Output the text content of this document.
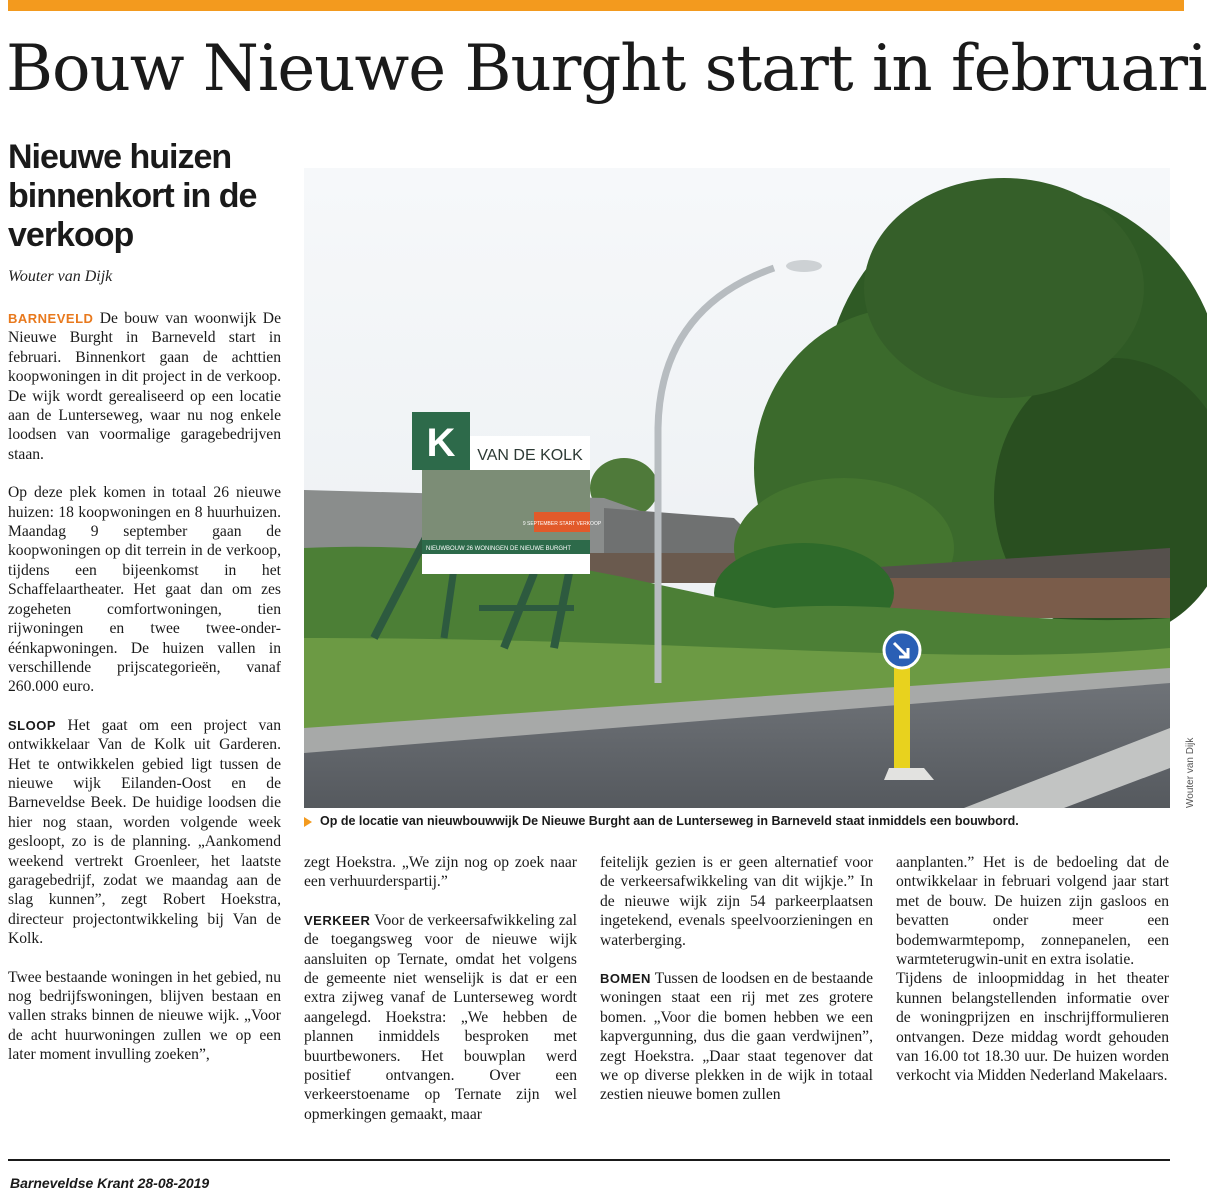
Bouw Nieuwe Burght start in februari
Nieuwe huizen binnenkort in de verkoop
Wouter van Dijk

BARNEVELD De bouw van woonwijk De Nieuwe Burght in Barneveld start in februari. Binnenkort gaan de achttien koopwoningen in dit project in de verkoop. De wijk wordt gerealiseerd op een locatie aan de Lunterseweg, waar nu nog enkele loodsen van voormalige garagebedrijven staan.

Op deze plek komen in totaal 26 nieuwe huizen: 18 koopwoningen en 8 huurhuizen. Maandag 9 september gaan de koopwoningen op dit terrein in de verkoop, tijdens een bijeenkomst in het Schaffelaartheater. Het gaat dan om zes zogeheten comfortwoningen, tien rijwoningen en twee twee-onder-éénkapwoningen. De huizen vallen in verschillende prijscategorieën, vanaf 260.000 euro.

SLOOP Het gaat om een project van ontwikkelaar Van de Kolk uit Garderen. Het te ontwikkelen gebied ligt tussen de nieuwe wijk Eilanden-Oost en de Barneveldse Beek. De huidige loodsen die hier nog staan, worden volgende week gesloopt, zo is de planning. „Aankomend weekend vertrekt Groenleer, het laatste garagebedrijf, zodat we maandag aan de slag kunnen”, zegt Robert Hoekstra, directeur projectontwikkeling bij Van de Kolk.

Twee bestaande woningen in het gebied, nu nog bedrijfswoningen, blijven bestaan en vallen straks binnen de nieuwe wijk. „Voor de acht huurwoningen zullen we op een later moment invulling zoeken”,

K VAN DE KOLK
9 SEPTEMBER START VERKOOP
NIEUWBOUW 26 WONINGEN DE NIEUWE BURGHT
Wouter van Dijk
Op de locatie van nieuwbouwwijk De Nieuwe Burght aan de Lunterseweg in Barneveld staat inmiddels een bouwbord.

zegt Hoekstra. „We zijn nog op zoek naar een verhuurderspartij.”

VERKEER Voor de verkeersafwikkeling zal de toegangsweg voor de nieuwe wijk aansluiten op Ternate, omdat het volgens de gemeente niet wenselijk is dat er een extra zijweg vanaf de Lunterseweg wordt aangelegd. Hoekstra: „We hebben de plannen inmiddels besproken met buurtbewoners. Het bouwplan werd positief ontvangen. Over een verkeerstoename op Ternate zijn wel opmerkingen gemaakt, maar

feitelijk gezien is er geen alternatief voor de verkeersafwikkeling van dit wijkje.” In de nieuwe wijk zijn 54 parkeerplaatsen ingetekend, evenals speelvoorzieningen en waterberging.

BOMEN Tussen de loodsen en de bestaande woningen staat een rij met zes grotere bomen. „Voor die bomen hebben we een kapvergunning, dus die gaan verdwijnen”, zegt Hoekstra. „Daar staat tegenover dat we op diverse plekken in de wijk in totaal zestien nieuwe bomen zullen

aanplanten.” Het is de bedoeling dat de ontwikkelaar in februari volgend jaar start met de bouw. De huizen zijn gasloos en bevatten onder meer een bodemwarmtepomp, zonnepanelen, een warmteterugwin-unit en extra isolatie.

Tijdens de inloopmiddag in het theater kunnen belangstellenden informatie over de woningprijzen en inschrijfformulieren ontvangen. Deze middag wordt gehouden van 16.00 tot 18.30 uur. De huizen worden verkocht via Midden Nederland Makelaars.

Barneveldse Krant 28-08-2019
